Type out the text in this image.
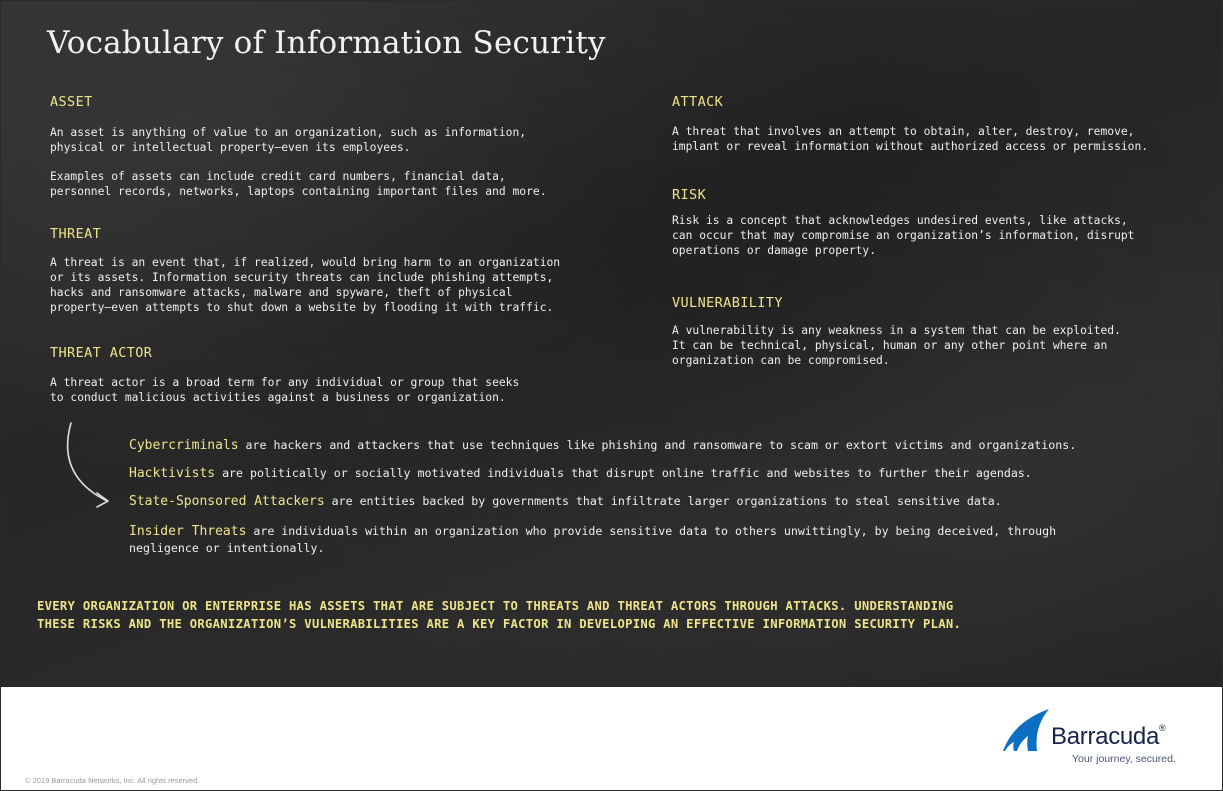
Vocabulary of Information Security
ASSET
An asset is anything of value to an organization, such as information,
physical or intellectual property—even its employees.
Examples of assets can include credit card numbers, financial data,
personnel records, networks, laptops containing important files and more.
THREAT
A threat is an event that, if realized, would bring harm to an organization
or its assets. Information security threats can include phishing attempts,
hacks and ransomware attacks, malware and spyware, theft of physical
property—even attempts to shut down a website by flooding it with traffic.
THREAT ACTOR
A threat actor is a broad term for any individual or group that seeks
to conduct malicious activities against a business or organization.
ATTACK
A threat that involves an attempt to obtain, alter, destroy, remove,
implant or reveal information without authorized access or permission.
RISK
Risk is a concept that acknowledges undesired events, like attacks,
can occur that may compromise an organization’s information, disrupt
operations or damage property.
VULNERABILITY
A vulnerability is any weakness in a system that can be exploited.
It can be technical, physical, human or any other point where an
organization can be compromised.

Cybercriminals are hackers and attackers that use techniques like phishing and ransomware to scam or extort victims and organizations.

Hacktivists are politically or socially motivated individuals that disrupt online traffic and websites to further their agendas.

State-Sponsored Attackers are entities backed by governments that infiltrate larger organizations to steal sensitive data.

Insider Threats are individuals within an organization who provide sensitive data to others unwittingly, by being deceived, through
negligence or intentionally.
EVERY ORGANIZATION OR ENTERPRISE HAS ASSETS THAT ARE SUBJECT TO THREATS AND THREAT ACTORS THROUGH ATTACKS. UNDERSTANDING
THESE RISKS AND THE ORGANIZATION’S VULNERABILITIES ARE A KEY FACTOR IN DEVELOPING AN EFFECTIVE INFORMATION SECURITY PLAN.

© 2019 Barracuda Networks, Inc. All rights reserved.

Barracuda®

Your journey, secured.
